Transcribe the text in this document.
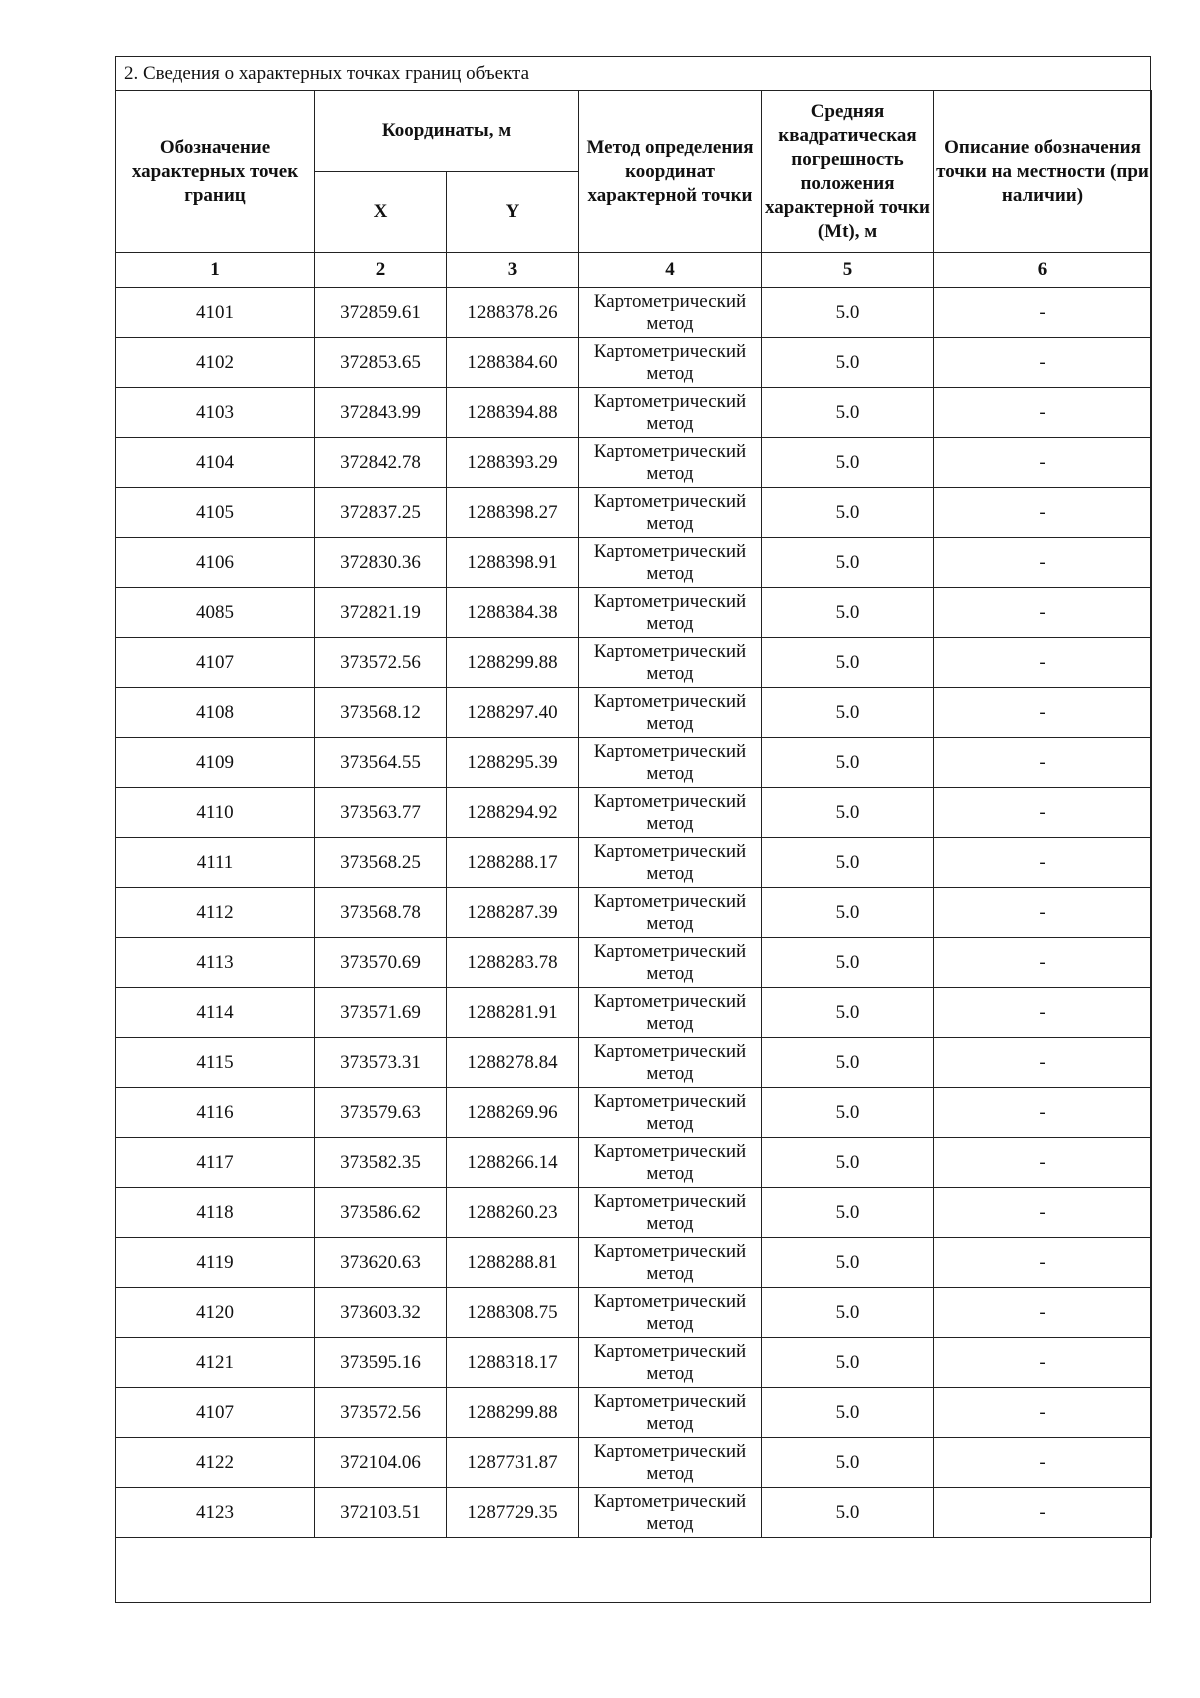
2. Сведения о характерных точках границ объекта
Обозначение характерных точек границ	Координаты, м		Метод определения координат характерной точки	Средняя квадратическая погрешность положения характерной точки (Mt), м	Описание обозначения точки на местности (при наличии)
	X	Y			
1	2	3	4	5	6
4101	372859.61	1288378.26	Картометрический метод	5.0	-
4102	372853.65	1288384.60	Картометрический метод	5.0	-
4103	372843.99	1288394.88	Картометрический метод	5.0	-
4104	372842.78	1288393.29	Картометрический метод	5.0	-
4105	372837.25	1288398.27	Картометрический метод	5.0	-
4106	372830.36	1288398.91	Картометрический метод	5.0	-
4085	372821.19	1288384.38	Картометрический метод	5.0	-
4107	373572.56	1288299.88	Картометрический метод	5.0	-
4108	373568.12	1288297.40	Картометрический метод	5.0	-
4109	373564.55	1288295.39	Картометрический метод	5.0	-
4110	373563.77	1288294.92	Картометрический метод	5.0	-
4111	373568.25	1288288.17	Картометрический метод	5.0	-
4112	373568.78	1288287.39	Картометрический метод	5.0	-
4113	373570.69	1288283.78	Картометрический метод	5.0	-
4114	373571.69	1288281.91	Картометрический метод	5.0	-
4115	373573.31	1288278.84	Картометрический метод	5.0	-
4116	373579.63	1288269.96	Картометрический метод	5.0	-
4117	373582.35	1288266.14	Картометрический метод	5.0	-
4118	373586.62	1288260.23	Картометрический метод	5.0	-
4119	373620.63	1288288.81	Картометрический метод	5.0	-
4120	373603.32	1288308.75	Картометрический метод	5.0	-
4121	373595.16	1288318.17	Картометрический метод	5.0	-
4107	373572.56	1288299.88	Картометрический метод	5.0	-
4122	372104.06	1287731.87	Картометрический метод	5.0	-
4123	372103.51	1287729.35	Картометрический метод	5.0	-
